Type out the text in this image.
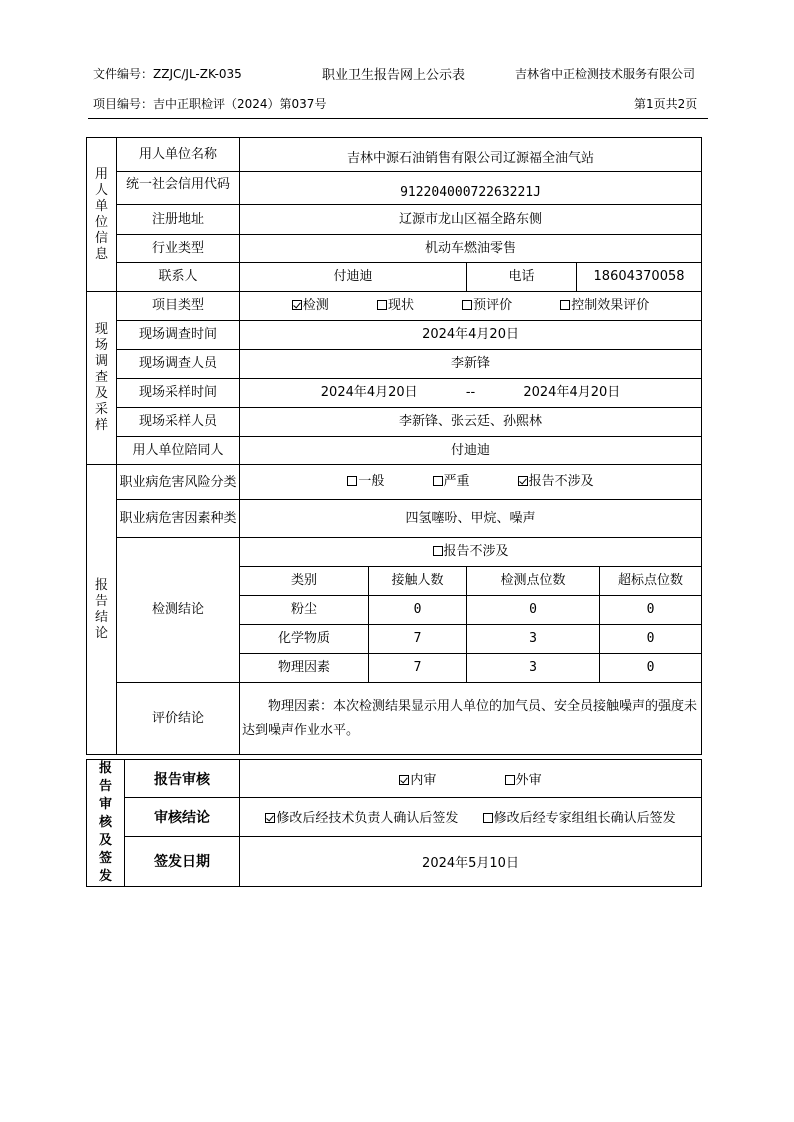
文件编号：ZZJC/JL-ZK-035	职业卫生报告网上公示表	吉林省中正检测技术服务有限公司
项目编号：吉中正职检评（2024）第037号	第1页共2页
用人单位信息	用人单位名称	吉林中源石油销售有限公司辽源福全油气站				
	统一社会信用代码	91220400072263221J				
	注册地址	辽源市龙山区福全路东侧				
	行业类型	机动车燃油零售				
	联系人	付迪迪		电话	18604370058	

现场调查及采样	项目类型	检测 现状 预评价 控制效果评价				
	现场调查时间	2024年4月20日				
	现场调查人员	李新锋				
	现场采样时间	2024年4月20日 -- 2024年4月20日				
	现场采样人员	李新锋、张云廷、孙熙林				
	用人单位陪同人	付迪迪				

报告结论	职业病危害风险分类	一般 严重 报告不涉及				

	职业病危害因素种类	四氢噻吩、甲烷、噪声				
	检测结论	报告不涉及				
		类别	接触人数	检测点位数		超标点位数
		粉尘	0	0		0
		化学物质	7	3		0
		物理因素	7	3		0
	评价结论	物理因素：本次检测结果显示用人单位的加气员、安全员接触噪声的强度未达到噪声作业水平。				
报告审核及签发	报告审核	内审 外审
	审核结论	修改后经技术负责人确认后签发 修改后经专家组组长确认后签发
	签发日期	2024年5月10日
